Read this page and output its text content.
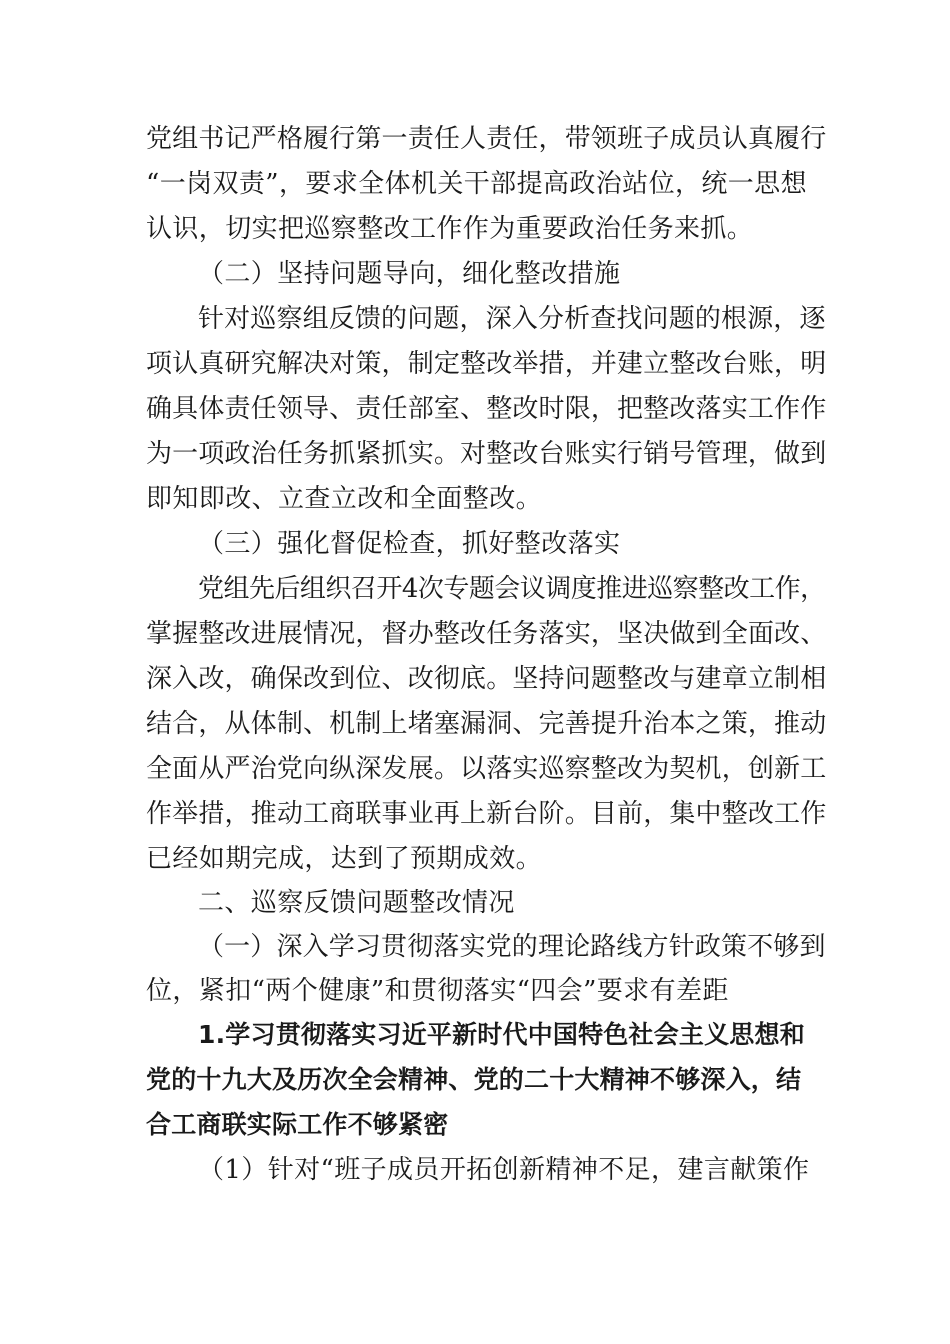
党组书记严格履行第一责任人责任，带领班子成员认真履行
“一岗双责”，要求全体机关干部提高政治站位，统一思想
认识，切实把巡察整改工作作为重要政治任务来抓。
（二）坚持问题导向，细化整改措施
针对巡察组反馈的问题，深入分析查找问题的根源，逐
项认真研究解决对策，制定整改举措，并建立整改台账，明
确具体责任领导、责任部室、整改时限，把整改落实工作作
为一项政治任务抓紧抓实。对整改台账实行销号管理，做到
即知即改、立查立改和全面整改。
（三）强化督促检查，抓好整改落实
党组先后组织召开4次专题会议调度推进巡察整改工作，
掌握整改进展情况，督办整改任务落实，坚决做到全面改、
深入改，确保改到位、改彻底。坚持问题整改与建章立制相
结合，从体制、机制上堵塞漏洞、完善提升治本之策，推动
全面从严治党向纵深发展。以落实巡察整改为契机，创新工
作举措，推动工商联事业再上新台阶。目前，集中整改工作
已经如期完成，达到了预期成效。
二、巡察反馈问题整改情况
（一）深入学习贯彻落实党的理论路线方针政策不够到
位，紧扣“两个健康”和贯彻落实“四会”要求有差距
1.学习贯彻落实习近平新时代中国特色社会主义思想和
党的十九大及历次全会精神、党的二十大精神不够深入，结
合工商联实际工作不够紧密
（1）针对“班子成员开拓创新精神不足，建言献策作
